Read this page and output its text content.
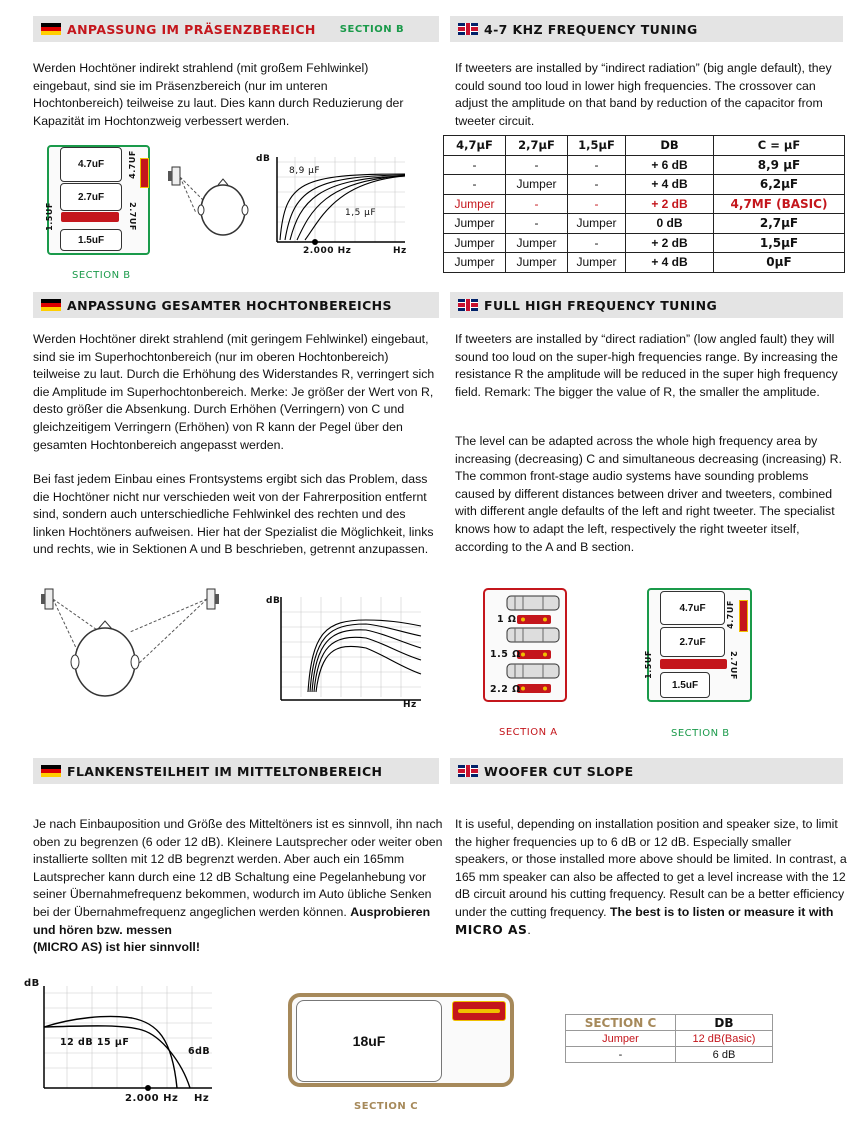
ANPASSUNG IM PRÄSENZBEREICH SECTION B	4-7 KHZ FREQUENCY TUNING
Werden Hochtöner indirekt strahlend (mit großem Fehlwinkel) eingebaut, sind sie im Präsenzbereich (nur im unteren Hochtonbereich) teilweise zu laut. Dies kann durch Reduzierung der Kapazität im Hochtonzweig verbessert werden.
If tweeters are installed by “indirect radiation” (big angle default), they could sound too loud in lower high frequencies. The crossover can adjust the amplitude on that band by reduction of the capacitor from tweeter circuit.
4.7uF
2.7uF
1.5uF
4.7UF
2.7UF
1.5UF
SECTION B
dB
Hz
2.000 Hz
8,9 µF
1,5 µF
4,7µF	2,7µF	1,5µF	DB	C = µF
-	-	-	+ 6 dB	8,9 µF
-	Jumper	-	+ 4 dB	6,2µF
Jumper	-	-	+ 2 dB	4,7ΜF (BASIC)
Jumper	-	Jumper	0 dB	2,7µF
Jumper	Jumper	-	+ 2 dB	1,5µF
Jumper	Jumper	Jumper	+ 4 dB	0µF
ANPASSUNG GESAMTER HOCHTONBEREICHS	FULL HIGH FREQUENCY TUNING
Werden Hochtöner direkt strahlend (mit geringem Fehlwinkel) eingebaut, sind sie im Superhochtonbereich (nur im oberen Hochtonbereich) teilweise zu laut. Durch die Erhöhung des Widerstandes R, verringert sich die Amplitude im Superhochtonbereich. Merke: Je größer der Wert von R, desto größer die Absenkung. Durch Erhöhen (Verringern) von C und gleichzeitigem Verringern (Erhöhen) von R kann der Pegel über den gesamten Hochtonbereich angepasst werden.
Bei fast jedem Einbau eines Frontsystems ergibt sich das Problem, dass die Hochtöner nicht nur verschieden weit von der Fahrerposition entfernt sind, sondern auch unterschiedliche Fehlwinkel des rechten und des linken Hochtöners aufweisen. Hier hat der Spezialist die Möglichkeit, links und rechts, wie in Sektionen A und B beschrieben, getrennt anzupassen.
If tweeters are installed by “direct radiation” (low angled fault) they will sound too loud on the super-high frequencies range. By increasing the resistance R the amplitude will be reduced in the super high frequency field. Remark: The bigger the value of R, the smaller the amplitude.
The level can be adapted across the whole high frequency area by increasing (decreasing) C and simultaneous decreasing (increasing) R. The common front-stage audio systems have sounding problems caused by different distances between driver and tweeters, combined with different angle defaults of the left and right tweeter. The specialist knows how to adapt the left, respectively the right tweeter itself, according to the A and B section.
dB
Hz
1 Ω
1.5 Ω
2.2 Ω
SECTION A
4.7uF
2.7uF
1.5uF
4.7UF
2.7UF
1.5UF
SECTION B
FLANKENSTEILHEIT IM MITTELTONBEREICH	WOOFER CUT SLOPE
Je nach Einbauposition und Größe des Mitteltöners ist es sinnvoll, ihn nach oben zu begrenzen (6 oder 12 dB). Kleinere Lautsprecher oder weiter oben installierte sollten mit 12 dB begrenzt werden. Aber auch ein 165mm Lautsprecher kann durch eine 12 dB Schaltung eine Pegelanhebung vor seiner Übernahmefrequenz bekommen, wodurch im Auto übliche Senken bei der Übernahmefrequenz angeglichen werden können. Ausprobieren und hören bzw. messen
(MICRO AS) ist hier sinnvoll!
It is useful, depending on installation position and speaker size, to limit the higher frequencies up to 6 dB or 12 dB. Especially smaller speakers, or those installed more above should be limited. In contrast, a 165 mm speaker can also be affected to get a level increase with the 12 dB circuit around his cutting frequency. Result can be a better efficiency under the cutting frequency. The best is to listen or measure it with MICRO AS.
dB
Hz
2.000 Hz
12 dB 15 µF
6dB
18uF
SECTION C
SECTION C	DB
Jumper	12 dB(Basic)
-	6 dB
